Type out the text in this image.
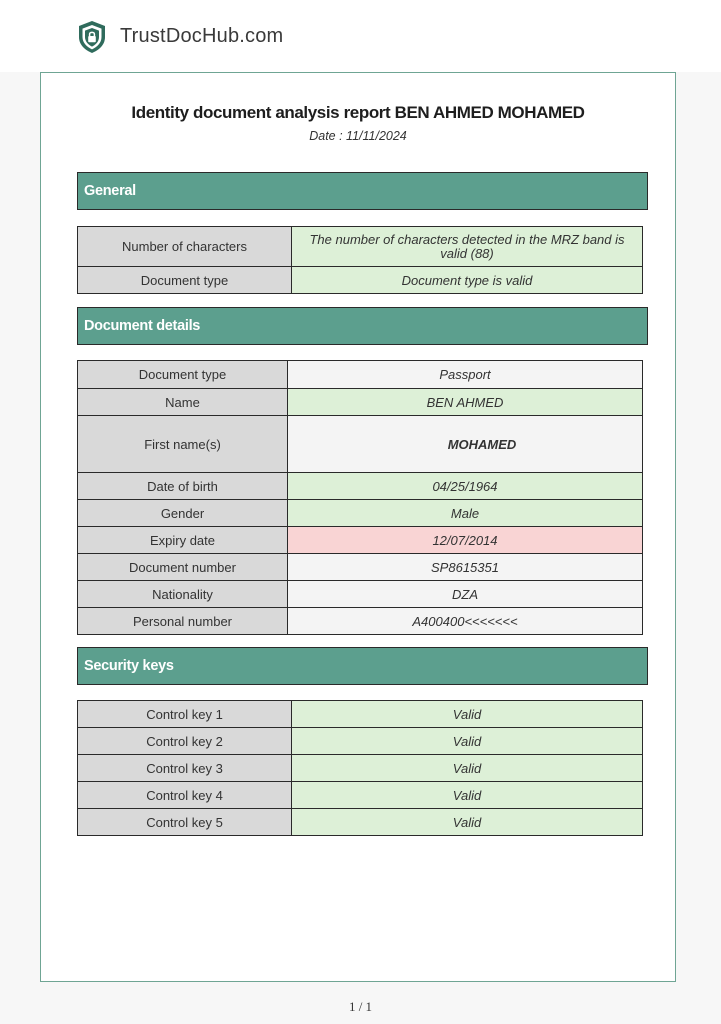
TrustDocHub.com
Identity document analysis report BEN AHMED MOHAMED
Date : 11/11/2024
General
Number of characters	The number of characters detected in the MRZ band is valid (88)
Document type	Document type is valid
Document details
Document type	Passport
Name	BEN AHMED
First name(s)	MOHAMED
Date of birth	04/25/1964
Gender	Male
Expiry date	12/07/2014
Document number	SP8615351
Nationality	DZA
Personal number	A400400<<<<<<<
Security keys
Control key 1	Valid
Control key 2	Valid
Control key 3	Valid
Control key 4	Valid
Control key 5	Valid
1 / 1
